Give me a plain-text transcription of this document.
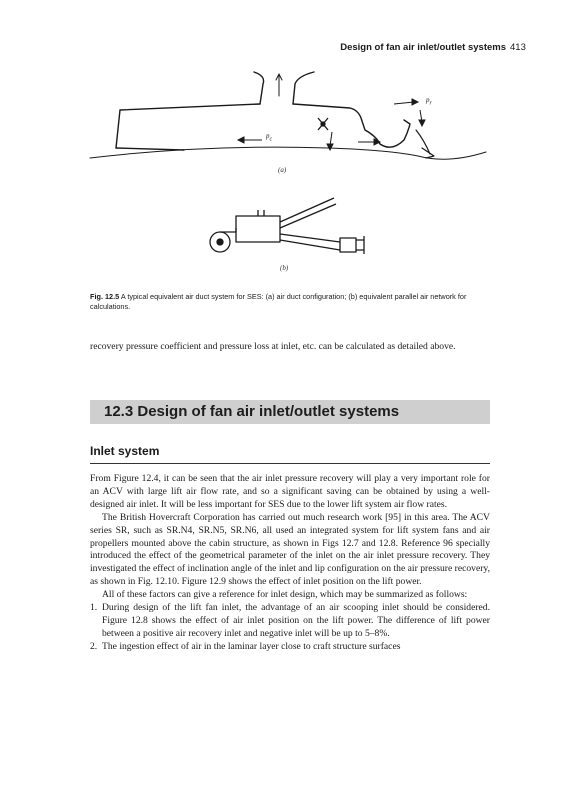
Design of fan air inlet/outlet systems 413
(a)
(b)
$p_c$
$p_r$
Fig. 12.5 A typical equivalent air duct system for SES: (a) air duct configuration; (b) equivalent parallel air network for calculations.
recovery pressure coefficient and pressure loss at inlet, etc. can be calculated as detailed above.
12.3 Design of fan air inlet/outlet systems
Inlet system

From Figure 12.4, it can be seen that the air inlet pressure recovery will play a very important role for an ACV with large lift air flow rate, and so a significant saving can be obtained by using a well-designed air inlet. It will be less important for SES due to the lower lift system air flow rates.

The British Hovercraft Corporation has carried out much research work [95] in this area. The ACV series SR, such as SR.N4, SR.N5, SR.N6, all used an integrated system for lift system fans and air propellers mounted above the cabin structure, as shown in Figs 12.7 and 12.8. Reference 96 specially introduced the effect of the geometrical parameter of the inlet on the air inlet pressure recovery. They investigated the effect of inclination angle of the inlet and lip configuration on the air pressure recovery, as shown in Fig. 12.10. Figure 12.9 shows the effect of inlet position on the lift power.

All of these factors can give a reference for inlet design, which may be summarized as follows:

1. During design of the lift fan inlet, the advantage of an air scooping inlet should be considered. Figure 12.8 shows the effect of air inlet position on the lift power. The difference of lift power between a positive air recovery inlet and negative inlet will be up to 5–8%.
2. The ingestion effect of air in the laminar layer close to craft structure surfaces
